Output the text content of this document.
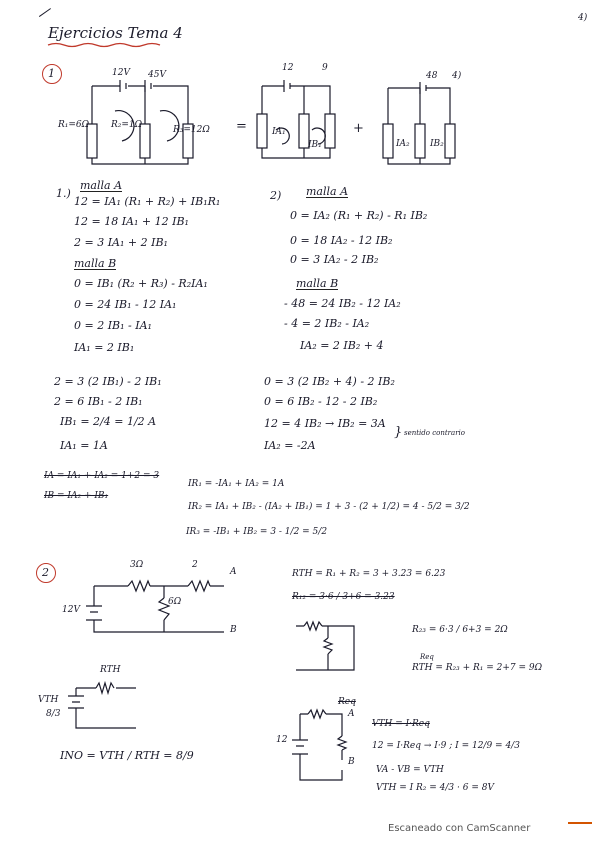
4)
Ejercicios Tema 4
1	12V 45V
R₁=6Ω R₂=1Ω	R₃=12Ω =
12	9
IA₁
IB₁
+
48 4)
IA₂ IB₂
1.)
malla A
12 = IA₁ (R₁ + R₂) + IB₁R₁
12 = 18 IA₁ + 12 IB₁
2 = 3 IA₁ + 2 IB₁
malla B
0 = IB₁ (R₂ + R₃) - R₂IA₁
0 = 24 IB₁ - 12 IA₁
0 = 2 IB₁ - IA₁
IA₁ = 2 IB₁
2 = 3 (2 IB₁) - 2 IB₁
2 = 6 IB₁ - 2 IB₁
IB₁ = 2/4 = 1/2 A
IA₁ = 1A
2) malla A
0 = IA₂ (R₁ + R₂) - R₁ IB₂
0 = 18 IA₂ - 12 IB₂
0 = 3 IA₂ - 2 IB₂
malla B
- 48 = 24 IB₂ - 12 IA₂
- 4 = 2 IB₂ - IA₂
IA₂ = 2 IB₂ + 4
0 = 3 (2 IB₂ + 4) - 2 IB₂
0 = 6 IB₂ - 12 - 2 IB₂
12 = 4 IB₂ → IB₂ = 3A
IA₂ = -2A
} sentido contrario
IA = IA₁ + IA₂ = 1+2 = 3
IB = IA₂ + IB₁
IR₁ = -IA₁ + IA₂ = 1A
IR₂ = IA₁ + IB₂ - (IA₂ + IB₁) = 1 + 3 - (2 + 1/2) = 4 - 5/2 = 3/2
IR₃ = -IB₁ + IB₂ = 3 - 1/2 = 5/2
2
3Ω	2
6Ω
12V
A
B
RTH = R₁ + R₂ = 3 + 3.23 = 6.23
R₁₂ = 3·6 / 3+6 = 3.23
R₂₃ = 6·3 / 6+3 = 2Ω
Req
RTH = R₂₃ + R₁ = 2+7 = 9Ω
RTH
VTH
8/3
INO = VTH / RTH = 8/9
Req
12
A
B
VTH = I·Req
12 = I·Req → I·9 ; I = 12/9 = 4/3
VA - VB = VTH
VTH = I R₂ = 4/3 · 6 = 8V
Escaneado con CamScanner
